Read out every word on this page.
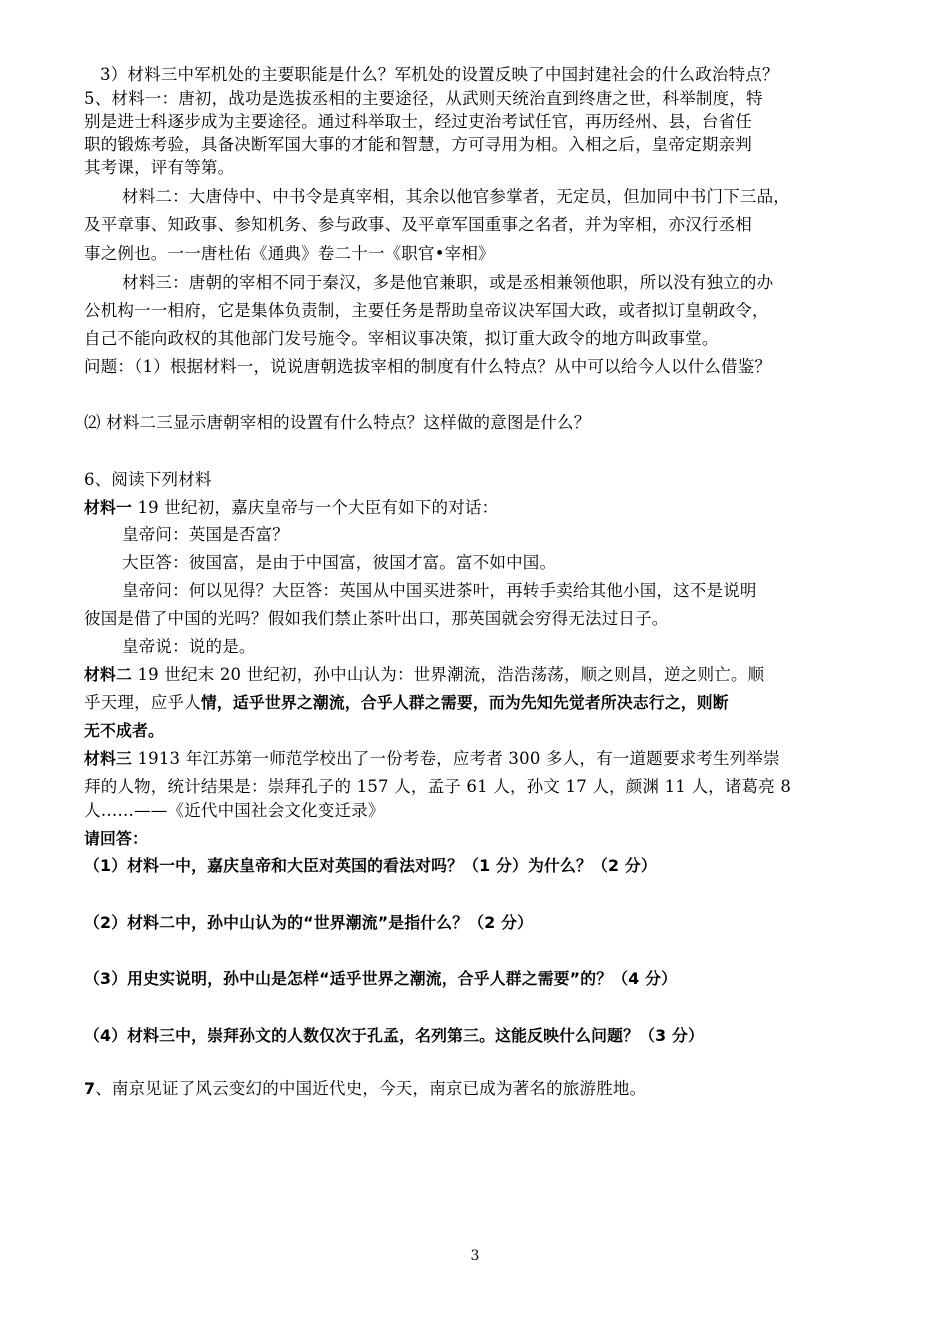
3）材料三中军机处的主要职能是什么？军机处的设置反映了中国封建社会的什么政治特点？
5、材料一：唐初，战功是选拔丞相的主要途径，从武则天统治直到终唐之世，科举制度，特
别是进士科逐步成为主要途径。通过科举取士，经过吏治考试任官，再历经州、县，台省任
职的锻炼考验，具备决断军国大事的才能和智慧，方可寻用为相。入相之后，皇帝定期亲判
其考课，评有等第。
材料二：大唐侍中、中书令是真宰相，其余以他官参掌者，无定员，但加同中书门下三品，
及平章事、知政事、参知机务、参与政事、及平章军国重事之名者，并为宰相，亦汉行丞相
事之例也。一一唐杜佑《通典》卷二十一《职官•宰相》
材料三：唐朝的宰相不同于秦汉，多是他官兼职，或是丞相兼领他职，所以没有独立的办
公机构一一相府，它是集体负责制，主要任务是帮助皇帝议决军国大政，或者拟订皇朝政令，
自己不能向政权的其他部门发号施令。宰相议事决策，拟订重大政令的地方叫政事堂。
问题：（1）根据材料一，说说唐朝选拔宰相的制度有什么特点？从中可以给今人以什么借鉴？
⑵ 材料二三显示唐朝宰相的设置有什么特点？这样做的意图是什么？
6、阅读下列材料
材料一 19 世纪初，嘉庆皇帝与一个大臣有如下的对话：
皇帝问：英国是否富？
大臣答：彼国富，是由于中国富，彼国才富。富不如中国。
皇帝问：何以见得？大臣答：英国从中国买进茶叶，再转手卖给其他小国，这不是说明
彼国是借了中国的光吗？假如我们禁止茶叶出口，那英国就会穷得无法过日子。
皇帝说：说的是。
材料二 19 世纪末 20 世纪初，孙中山认为：世界潮流，浩浩荡荡，顺之则昌，逆之则亡。顺
乎天理，应乎人情，适乎世界之潮流，合乎人群之需要，而为先知先觉者所决志行之，则断
无不成者。
材料三 1913 年江苏第一师范学校出了一份考卷，应考者 300 多人，有一道题要求考生列举崇
拜的人物，统计结果是：崇拜孔子的 157 人，孟子 61 人，孙文 17 人，颜渊 11 人，诸葛亮 8
人……——《近代中国社会文化变迁录》
请回答：
（1）材料一中，嘉庆皇帝和大臣对英国的看法对吗？（1 分）为什么？（2 分）
（2）材料二中，孙中山认为的“世界潮流”是指什么？（2 分）
（3）用史实说明，孙中山是怎样“适乎世界之潮流，合乎人群之需要”的？（4 分）
（4）材料三中，崇拜孙文的人数仅次于孔孟，名列第三。这能反映什么问题？（3 分）
7、南京见证了风云变幻的中国近代史，今天，南京已成为著名的旅游胜地。
3
